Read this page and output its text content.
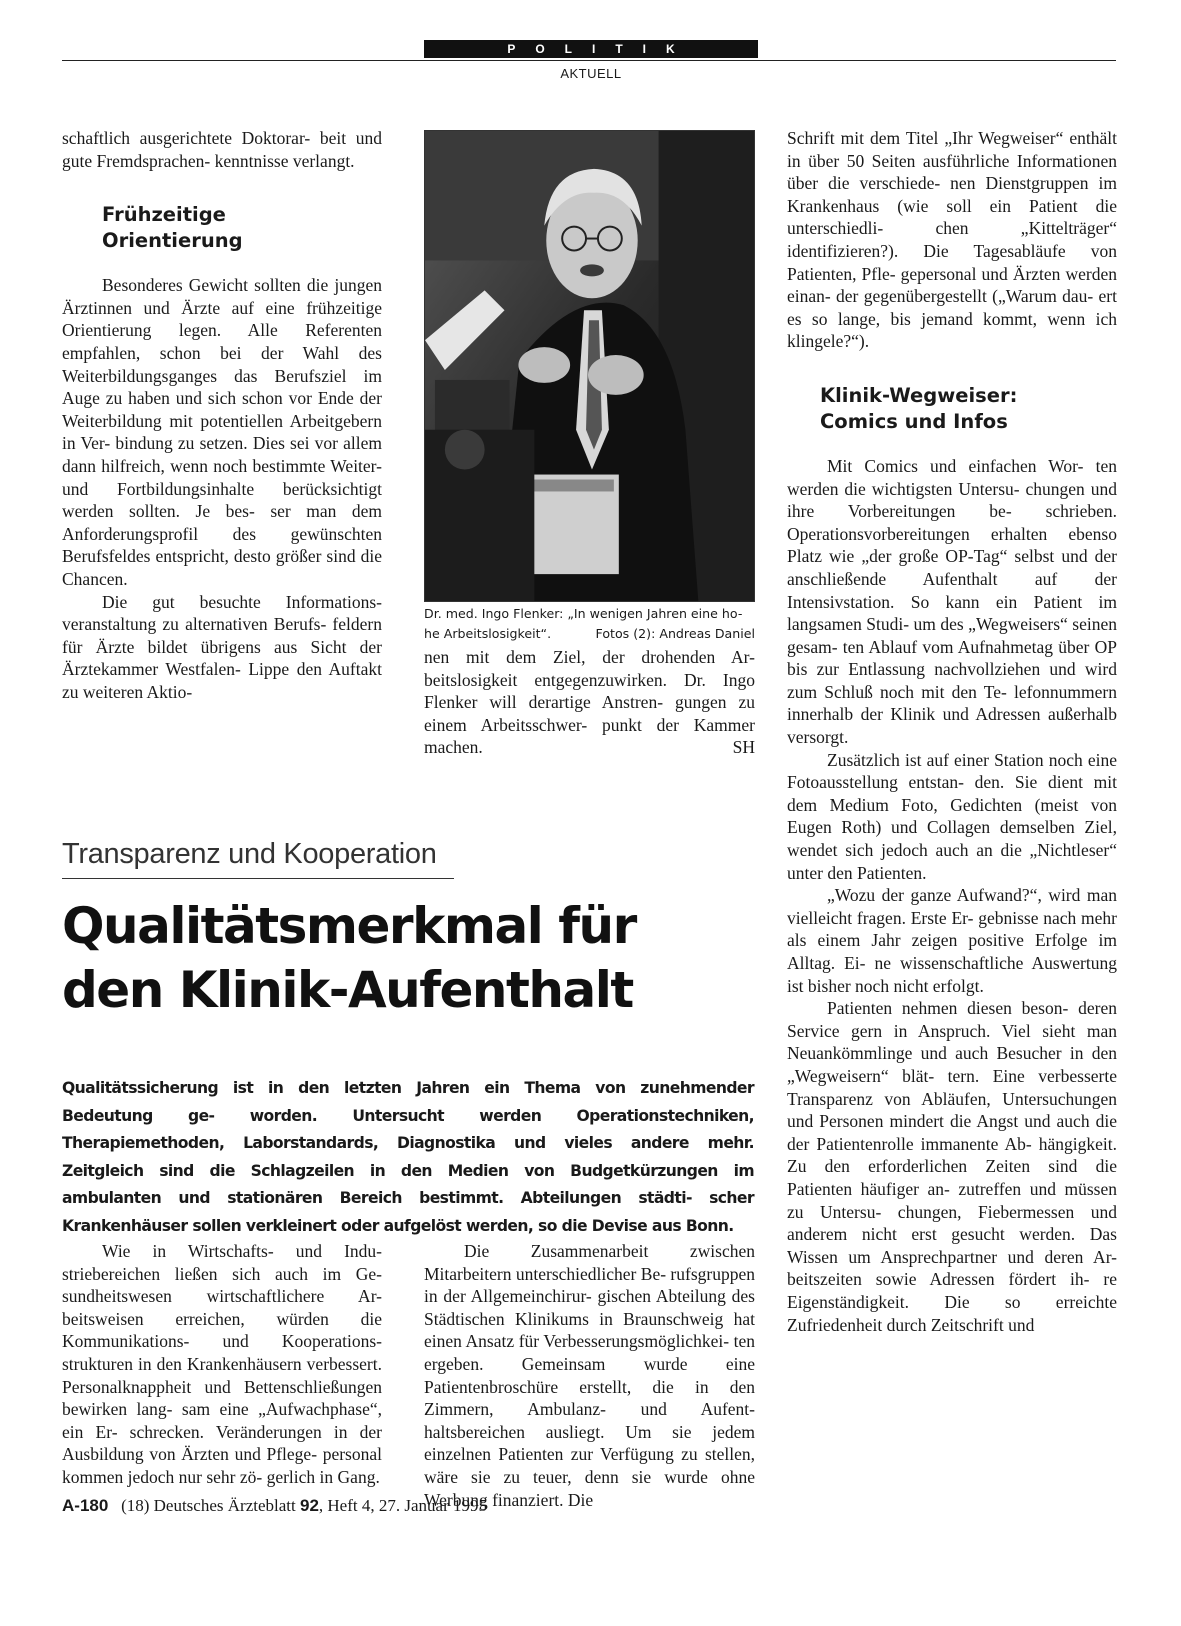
POLITIK
AKTUELL

schaftlich ausgerichtete Doktorar- beit und gute Fremdsprachen- kenntnisse verlangt.

Frühzeitige
Orientierung

Besonderes Gewicht sollten die jungen Ärztinnen und Ärzte auf eine frühzeitige Orientierung legen. Alle Referenten empfahlen, schon bei der Wahl des Weiterbildungsganges das Berufsziel im Auge zu haben und sich schon vor Ende der Weiterbildung mit potentiellen Arbeitgebern in Ver- bindung zu setzen. Dies sei vor allem dann hilfreich, wenn noch bestimmte Weiter- und Fortbildungsinhalte berücksichtigt werden sollten. Je bes- ser man dem Anforderungsprofil des gewünschten Berufsfeldes entspricht, desto größer sind die Chancen.

Die gut besuchte Informations- veranstaltung zu alternativen Berufs- feldern für Ärzte bildet übrigens aus Sicht der Ärztekammer Westfalen- Lippe den Auftakt zu weiteren Aktio-

Dr. med. Ingo Flenker: „In wenigen Jahren eine ho-
he Arbeitslosigkeit“.	Fotos (2): Andreas Daniel

nen mit dem Ziel, der drohenden Ar- beitslosigkeit entgegenzuwirken. Dr. Ingo Flenker will derartige Anstren- gungen zu einem Arbeitsschwer- punkt der Kammer machen.	SH

Schrift mit dem Titel „Ihr Wegweiser“ enthält in über 50 Seiten ausführliche Informationen über die verschiede- nen Dienstgruppen im Krankenhaus (wie soll ein Patient die unterschiedli- chen „Kittelträger“ identifizieren?). Die Tagesabläufe von Patienten, Pfle- gepersonal und Ärzten werden einan- der gegenübergestellt („Warum dau- ert es so lange, bis jemand kommt, wenn ich klingele?“).

Klinik-Wegweiser:
Comics und Infos

Mit Comics und einfachen Wor- ten werden die wichtigsten Untersu- chungen und ihre Vorbereitungen be- schrieben. Operationsvorbereitungen erhalten ebenso Platz wie „der große OP-Tag“ selbst und der anschließende Aufenthalt auf der Intensivstation. So kann ein Patient im langsamen Studi- um des „Wegweisers“ seinen gesam- ten Ablauf vom Aufnahmetag über OP bis zur Entlassung nachvollziehen und wird zum Schluß noch mit den Te- lefonnummern innerhalb der Klinik und Adressen außerhalb versorgt.

Zusätzlich ist auf einer Station noch eine Fotoausstellung entstan- den. Sie dient mit dem Medium Foto, Gedichten (meist von Eugen Roth) und Collagen demselben Ziel, wendet sich jedoch auch an die „Nichtleser“ unter den Patienten.

„Wozu der ganze Aufwand?“, wird man vielleicht fragen. Erste Er- gebnisse nach mehr als einem Jahr zeigen positive Erfolge im Alltag. Ei- ne wissenschaftliche Auswertung ist bisher noch nicht erfolgt.

Patienten nehmen diesen beson- deren Service gern in Anspruch. Viel sieht man Neuankömmlinge und auch Besucher in den „Wegweisern“ blät- tern. Eine verbesserte Transparenz von Abläufen, Untersuchungen und Personen mindert die Angst und auch die der Patientenrolle immanente Ab- hängigkeit. Zu den erforderlichen Zeiten sind die Patienten häufiger an- zutreffen und müssen zu Untersu- chungen, Fiebermessen und anderem nicht erst gesucht werden. Das Wissen um Ansprechpartner und deren Ar- beitszeiten sowie Adressen fördert ih- re Eigenständigkeit. Die so erreichte Zufriedenheit durch Zeitschrift und

Transparenz und Kooperation
Qualitätsmerkmal für
den Klinik-Aufenthalt
Qualitätssicherung ist in den letzten Jahren ein Thema von zunehmender Bedeutung ge- worden. Untersucht werden Operationstechniken, Therapiemethoden, Laborstandards, Diagnostika und vieles andere mehr. Zeitgleich sind die Schlagzeilen in den Medien von Budgetkürzungen im ambulanten und stationären Bereich bestimmt. Abteilungen städti- scher Krankenhäuser sollen verkleinert oder aufgelöst werden, so die Devise aus Bonn.

Wie in Wirtschafts- und Indu- striebereichen ließen sich auch im Ge- sundheitswesen wirtschaftlichere Ar- beitsweisen erreichen, würden die Kommunikations- und Kooperations- strukturen in den Krankenhäusern verbessert. Personalknappheit und Bettenschließungen bewirken lang- sam eine „Aufwachphase“, ein Er- schrecken. Veränderungen in der Ausbildung von Ärzten und Pflege- personal kommen jedoch nur sehr zö- gerlich in Gang.

Die Zusammenarbeit zwischen Mitarbeitern unterschiedlicher Be- rufsgruppen in der Allgemeinchirur- gischen Abteilung des Städtischen Klinikums in Braunschweig hat einen Ansatz für Verbesserungsmöglichkei- ten ergeben. Gemeinsam wurde eine Patientenbroschüre erstellt, die in den Zimmern, Ambulanz- und Aufent- haltsbereichen ausliegt. Um sie jedem einzelnen Patienten zur Verfügung zu stellen, wäre sie zu teuer, denn sie wurde ohne Werbung finanziert. Die

A-180 (18) Deutsches Ärzteblatt 92, Heft 4, 27. Januar 1995
